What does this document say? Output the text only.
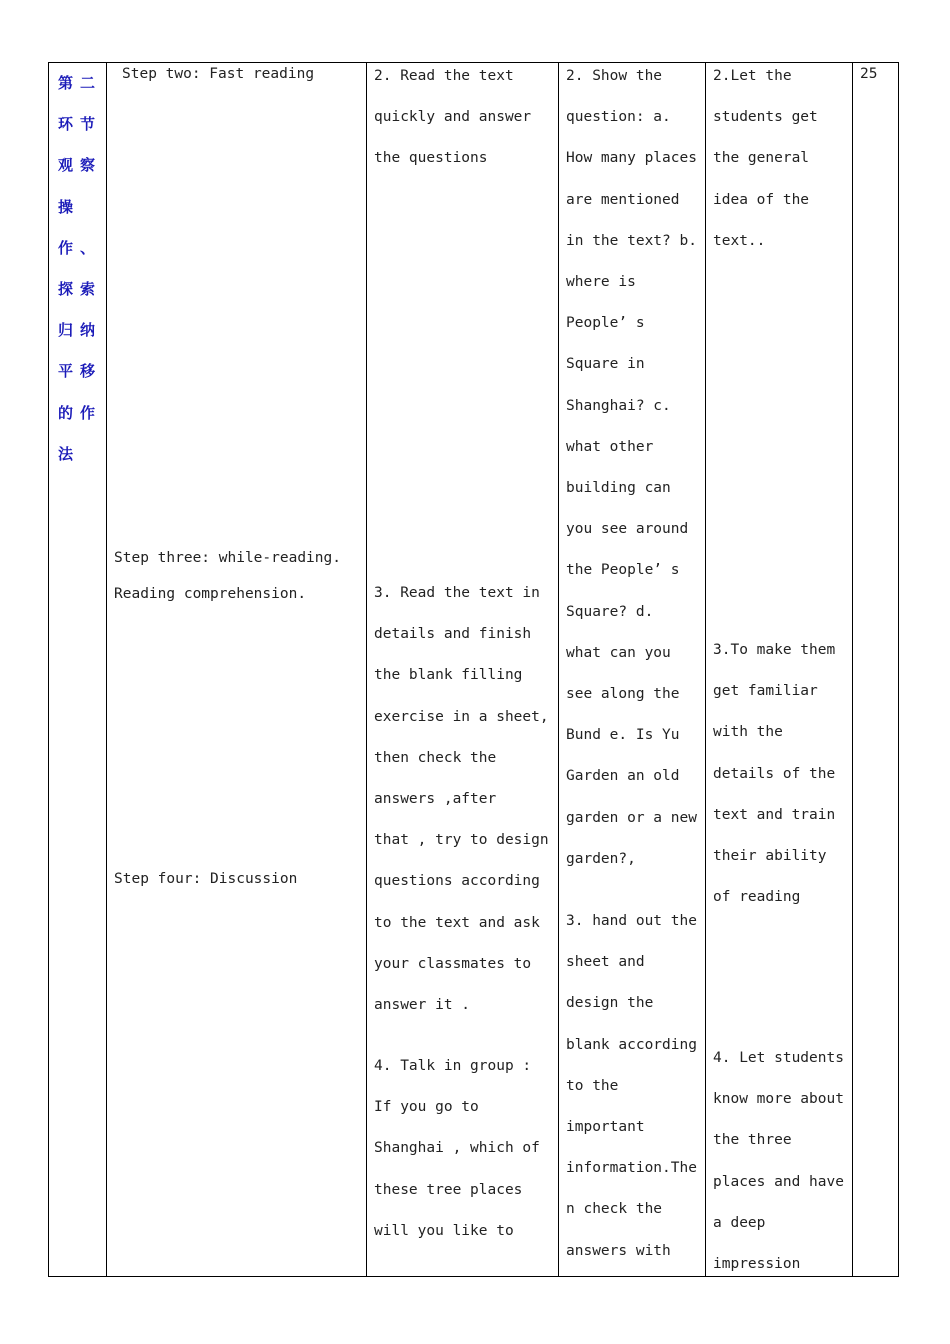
第二
环节
观察
操
作、
探索
归纳
平移
的作
法
Step two: Fast reading
Step three: while-reading.
Reading comprehension.
Step four: Discussion
2. Read the text
quickly and answer
the questions
3. Read the text in
details and finish
the blank filling
exercise in a sheet,
then check the
answers ,after
that , try to design
questions according
to the text and ask
your classmates to
answer it .
4. Talk in group :
If you go to
Shanghai , which of
these tree places
will you like to
2. Show the
question: a.
How many places
are mentioned
in the text? b.
where is
People’ s
Square in
Shanghai? c.
what other
building can
you see around
the People’ s
Square? d.
what can you
see along the
Bund e. Is Yu
Garden an old
garden or a new
garden?,
3. hand out the
sheet and
design the
blank according
to the
important
information.The
n check the
answers with
2.Let the
students get
the general
idea of the
text..
3.To make them
get familiar
with the
details of the
text and train
their ability
of reading
4. Let students
know more about
the three
places and have
a deep
impression
25
